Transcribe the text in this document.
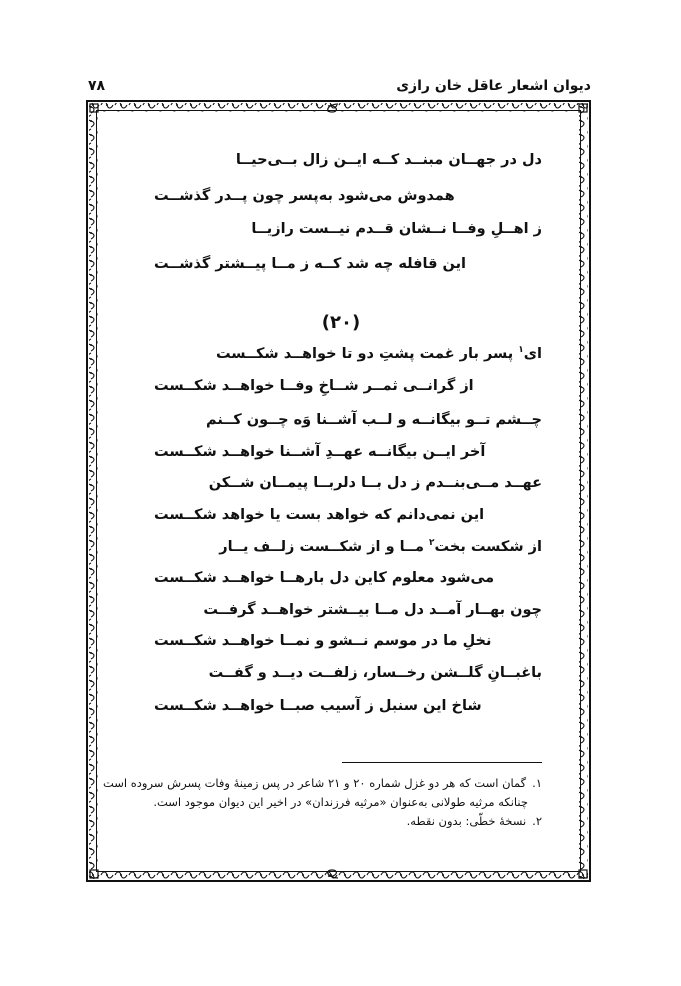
دیوان اشعار عاقل خان رازی
۷۸
دل در جهــان مبنــد کــه ایــن زال بــی‌حیــا
همدوش می‌شود به‌پسر چون پــدر گذشــت
ز اهــلِ وفــا نــشان قــدم نیــست رازیــا
این قافله چه شد کــه ز مــا پیــشتر گذشــت
(۲۰)
ای$^۱$ پسر بار غمت پشتِ دو تا خواهــد شکــست
از گرانــی ثمــر شــاخِ وفــا خواهــد شکــست
چــشم تــو بیگانــه و لــب آشــنا وَه چــون کــنم
آخر ایــن بیگانــه عهــدِ آشــنا خواهــد شکــست
عهــد مــی‌بنــدم ز دل بــا دلربــا پیمــان شــکن
این نمی‌دانم که خواهد بست یا خواهد شکــست
از شکست بخت$^۲$ مــا و از شکــست زلــف یــار
می‌شود معلوم کاین دل بارهــا خواهــد شکــست
چون بهــار آمــد دل مــا بیــشتر خواهــد گرفــت
نخلِ ما در موسم نــشو و نمــا خواهــد شکــست
باغبــانِ گلــشن رخــسار، زلفــت دیــد و گفــت
شاخ این سنبل ز آسیب صبــا خواهــد شکــست
۱.گمان است که هر دو غزل شماره ۲۰ و ۲۱ شاعر در پس زمینهٔ وفات پسرش سروده است
چنانکه مرثیه طولانی به‌عنوان «مرثیه فرزندان» در اخیر این دیوان موجود است.
۲.نسخهٔ خطّی: بدون نقطه.
